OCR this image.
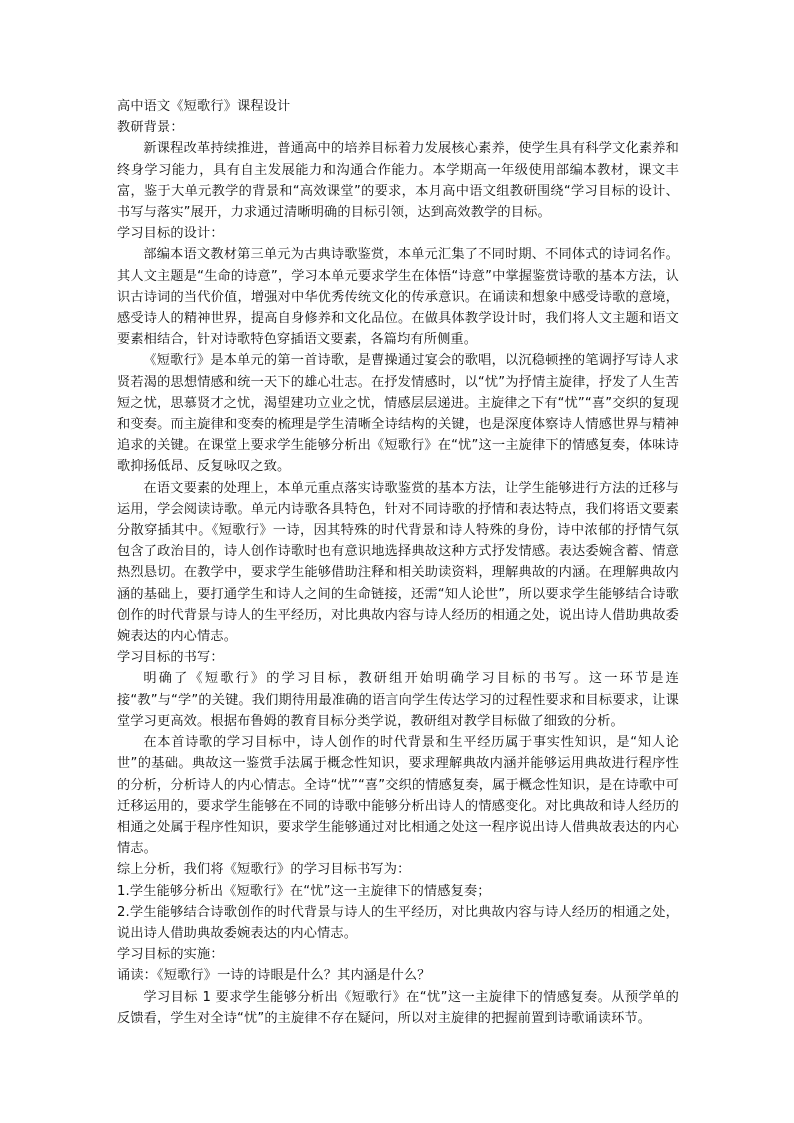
高中语文《短歌行》课程设计

教研背景：

新课程改革持续推进，普通高中的培养目标着力发展核心素养，使学生具有科学文化素养和终身学习能力，具有自主发展能力和沟通合作能力。本学期高一年级使用部编本教材，课文丰富，鉴于大单元教学的背景和“高效课堂”的要求，本月高中语文组教研围绕“学习目标的设计、书写与落实”展开，力求通过清晰明确的目标引领，达到高效教学的目标。

学习目标的设计：

部编本语文教材第三单元为古典诗歌鉴赏，本单元汇集了不同时期、不同体式的诗词名作。其人文主题是“生命的诗意”，学习本单元要求学生在体悟“诗意”中掌握鉴赏诗歌的基本方法，认识古诗词的当代价值，增强对中华优秀传统文化的传承意识。在诵读和想象中感受诗歌的意境，感受诗人的精神世界，提高自身修养和文化品位。在做具体教学设计时，我们将人文主题和语文要素相结合，针对诗歌特色穿插语文要素，各篇均有所侧重。

《短歌行》是本单元的第一首诗歌，是曹操通过宴会的歌唱，以沉稳顿挫的笔调抒写诗人求贤若渴的思想情感和统一天下的雄心壮志。在抒发情感时，以“忧”为抒情主旋律，抒发了人生苦短之忧，思慕贤才之忧，渴望建功立业之忧，情感层层递进。主旋律之下有“忧”“喜”交织的复现和变奏。而主旋律和变奏的梳理是学生清晰全诗结构的关键，也是深度体察诗人情感世界与精神追求的关键。在课堂上要求学生能够分析出《短歌行》在“忧”这一主旋律下的情感复奏，体味诗歌抑扬低昂、反复咏叹之致。

在语文要素的处理上，本单元重点落实诗歌鉴赏的基本方法，让学生能够进行方法的迁移与运用，学会阅读诗歌。单元内诗歌各具特色，针对不同诗歌的抒情和表达特点，我们将语文要素分散穿插其中。《短歌行》一诗，因其特殊的时代背景和诗人特殊的身份，诗中浓郁的抒情气氛包含了政治目的，诗人创作诗歌时也有意识地选择典故这种方式抒发情感。表达委婉含蓄、情意热烈恳切。在教学中，要求学生能够借助注释和相关助读资料，理解典故的内涵。在理解典故内涵的基础上，要打通学生和诗人之间的生命链接，还需“知人论世”，所以要求学生能够结合诗歌创作的时代背景与诗人的生平经历，对比典故内容与诗人经历的相通之处，说出诗人借助典故委婉表达的内心情志。

学习目标的书写：

明确了《短歌行》的学习目标，教研组开始明确学习目标的书写。这一环节是连接“教”与“学”的关键。我们期待用最准确的语言向学生传达学习的过程性要求和目标要求，让课堂学习更高效。根据布鲁姆的教育目标分类学说，教研组对教学目标做了细致的分析。

在本首诗歌的学习目标中，诗人创作的时代背景和生平经历属于事实性知识，是“知人论世”的基础。典故这一鉴赏手法属于概念性知识，要求理解典故内涵并能够运用典故进行程序性的分析，分析诗人的内心情志。全诗“忧”“喜”交织的情感复奏，属于概念性知识，是在诗歌中可迁移运用的，要求学生能够在不同的诗歌中能够分析出诗人的情感变化。对比典故和诗人经历的相通之处属于程序性知识，要求学生能够通过对比相通之处这一程序说出诗人借典故表达的内心情志。

综上分析，我们将《短歌行》的学习目标书写为：

1.学生能够分析出《短歌行》在“忧”这一主旋律下的情感复奏；

2.学生能够结合诗歌创作的时代背景与诗人的生平经历，对比典故内容与诗人经历的相通之处，说出诗人借助典故委婉表达的内心情志。

学习目标的实施：

诵读：《短歌行》一诗的诗眼是什么？其内涵是什么？

学习目标 1 要求学生能够分析出《短歌行》在“忧”这一主旋律下的情感复奏。从预学单的反馈看，学生对全诗“忧”的主旋律不存在疑问，所以对主旋律的把握前置到诗歌诵读环节。
